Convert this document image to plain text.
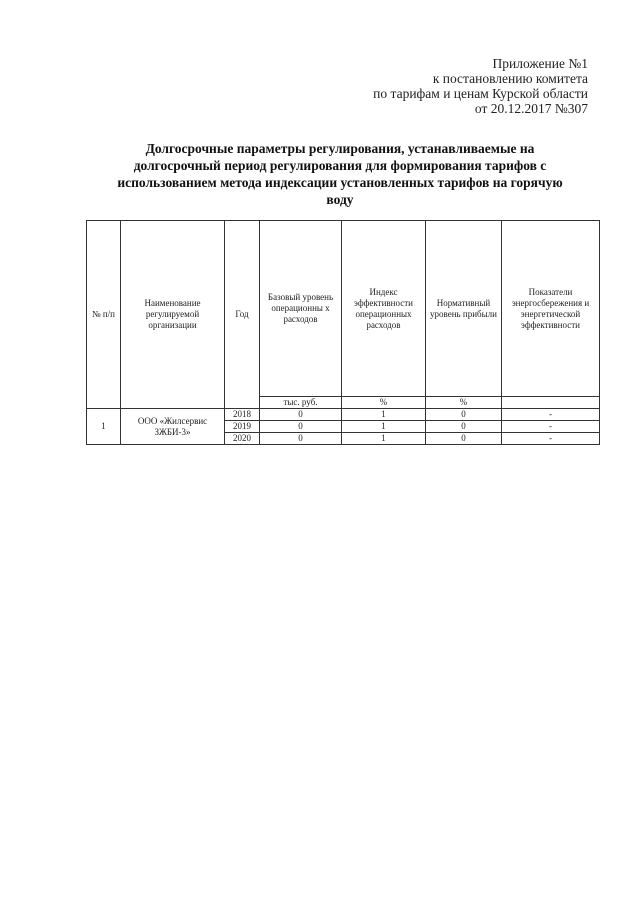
Приложение №1
к постановлению комитета
по тарифам и ценам Курской области
от 20.12.2017 №307
Долгосрочные параметры регулирования, устанавливаемые на
долгосрочный период регулирования для формирования тарифов с
использованием метода индексации установленных тарифов на горячую
воду
№ п/п	Наименование регулируемой организации	Год	Базовый уровень операционны х расходов	Индекс эффективности операционных расходов	Нормативный уровень прибыли	Показатели энергосбережения и энергетической эффективности
			тыс. руб.	%	%	
1	ООО «Жилсервис ЗЖБИ-3»	2018	0	1	0	-
		2019	0	1	0	-
		2020	0	1	0	-
